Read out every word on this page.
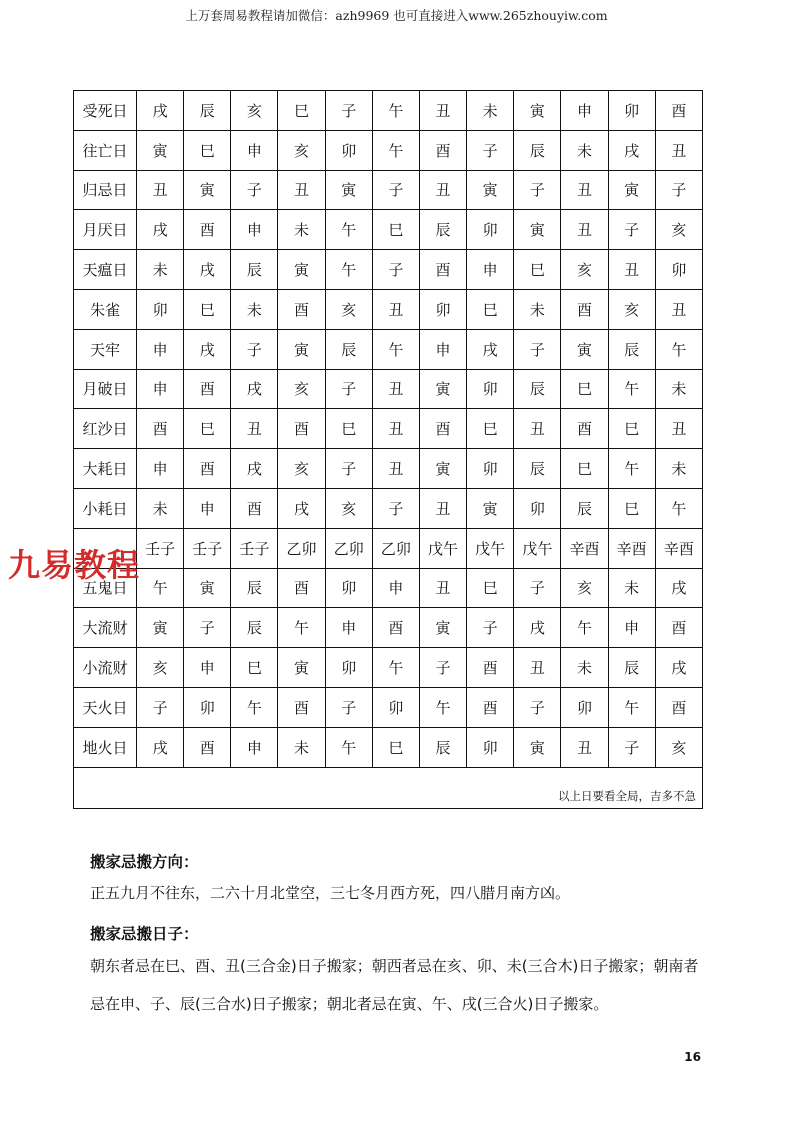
上万套周易教程请加微信：azh9969 也可直接进入www.265zhouyiw.com
受死日	戌	辰	亥	巳	子	午	丑	未	寅	申	卯	酉
往亡日	寅	巳	申	亥	卯	午	酉	子	辰	未	戌	丑
归忌日	丑	寅	子	丑	寅	子	丑	寅	子	丑	寅	子
月厌日	戌	酉	申	未	午	巳	辰	卯	寅	丑	子	亥
天瘟日	未	戌	辰	寅	午	子	酉	申	巳	亥	丑	卯
朱雀	卯	巳	未	酉	亥	丑	卯	巳	未	酉	亥	丑
天牢	申	戌	子	寅	辰	午	申	戌	子	寅	辰	午
月破日	申	酉	戌	亥	子	丑	寅	卯	辰	巳	午	未
红沙日	酉	巳	丑	酉	巳	丑	酉	巳	丑	酉	巳	丑
大耗日	申	酉	戌	亥	子	丑	寅	卯	辰	巳	午	未
小耗日	未	申	酉	戌	亥	子	丑	寅	卯	辰	巳	午
	壬子	壬子	壬子	乙卯	乙卯	乙卯	戊午	戊午	戊午	辛酉	辛酉	辛酉
五鬼日	午	寅	辰	酉	卯	申	丑	巳	子	亥	未	戌
大流财	寅	子	辰	午	申	酉	寅	子	戌	午	申	酉
小流财	亥	申	巳	寅	卯	午	子	酉	丑	未	辰	戌
天火日	子	卯	午	酉	子	卯	午	酉	子	卯	午	酉
地火日	戌	酉	申	未	午	巳	辰	卯	寅	丑	子	亥
以上日要看全局，吉多不急												
九易教程
搬家忌搬方向：
正五九月不往东，二六十月北堂空，三七冬月西方死，四八腊月南方凶。
搬家忌搬日子：
朝东者忌在巳、酉、丑(三合金)日子搬家；朝西者忌在亥、卯、未(三合木)日子搬家；朝南者
忌在申、子、辰(三合水)日子搬家；朝北者忌在寅、午、戌(三合火)日子搬家。
16
